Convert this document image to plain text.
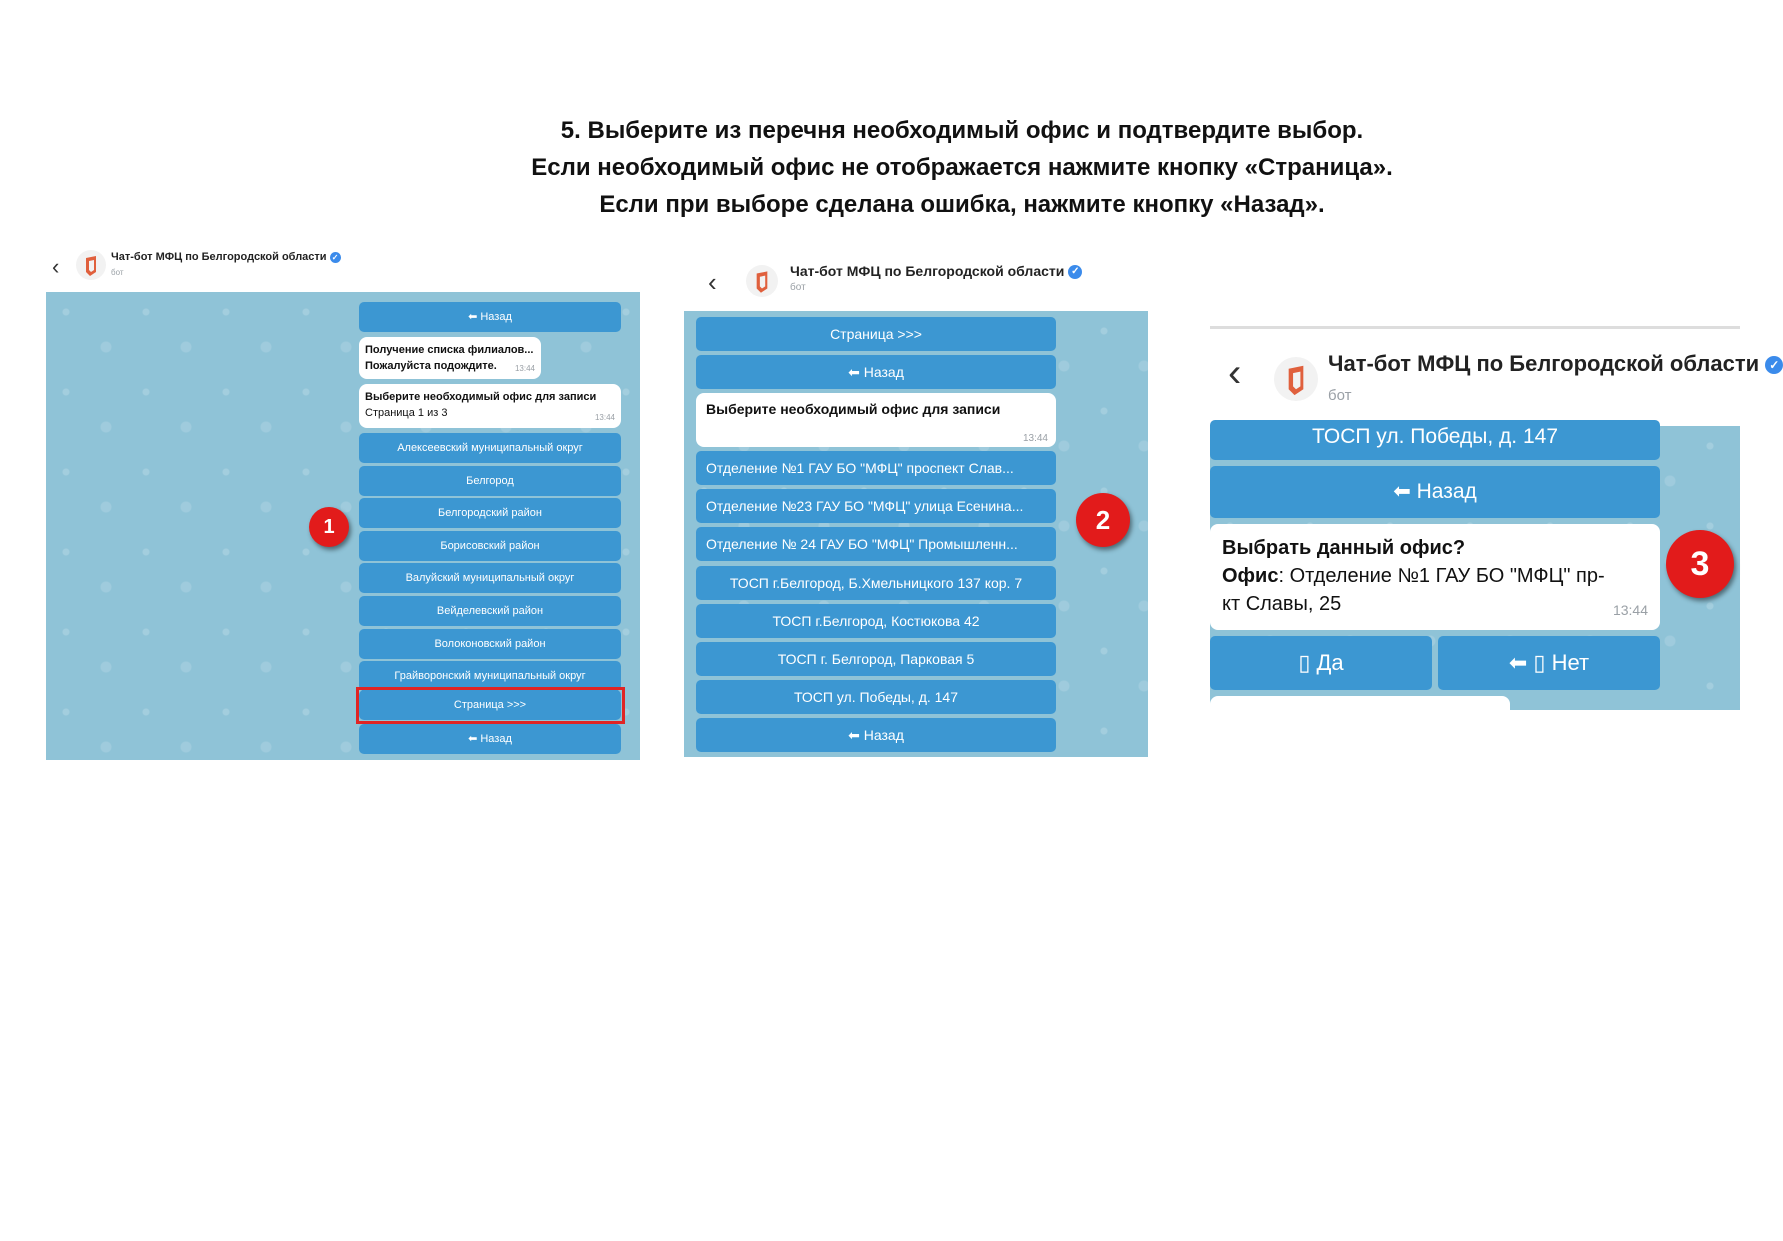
5. Выберите из перечня необходимый офис и подтвердите выбор.
Если необходимый офис не отображается нажмите кнопку «Страница».
Если при выборе сделана ошибка, нажмите кнопку «Назад».
‹	Чат-бот МФЦ по Белгородской области ✓
бот
⬅ Назад
Получение списка филиалов...
Пожалуйста подождите.	13:44
Выберите необходимый офис для записи
Страница 1 из 3	13:44
Алексеевский муниципальный округ
Белгород
Белгородский район
Борисовский район
Валуйский муниципальный округ
Вейделевский район
Волоконовский район
Грайворонский муниципальный округ
Страница >>>
⬅ Назад
1
‹	Чат-бот МФЦ по Белгородской области ✓
бот
Страница >>>
⬅ Назад
Выберите необходимый офис для записи
13:44
Отделение №1 ГАУ БО "МФЦ" проспект Слав...
Отделение №23 ГАУ БО "МФЦ" улица Есенина...
Отделение № 24 ГАУ БО "МФЦ" Промышленн...
ТОСП г.Белгород, Б.Хмельницкого 137 кор. 7
ТОСП г.Белгород, Костюкова 42
ТОСП г. Белгород, Парковая 5
ТОСП ул. Победы, д. 147
⬅ Назад
2
‹	Чат-бот МФЦ по Белгородской области ✓
бот
ТОСП ул. Победы, д. 147
⬅ Назад
Выбрать данный офис?
Офис: Отделение №1 ГАУ БО "МФЦ" пр-кт Славы, 25	13:44
▯ Да	⬅ ▯ Нет
3
